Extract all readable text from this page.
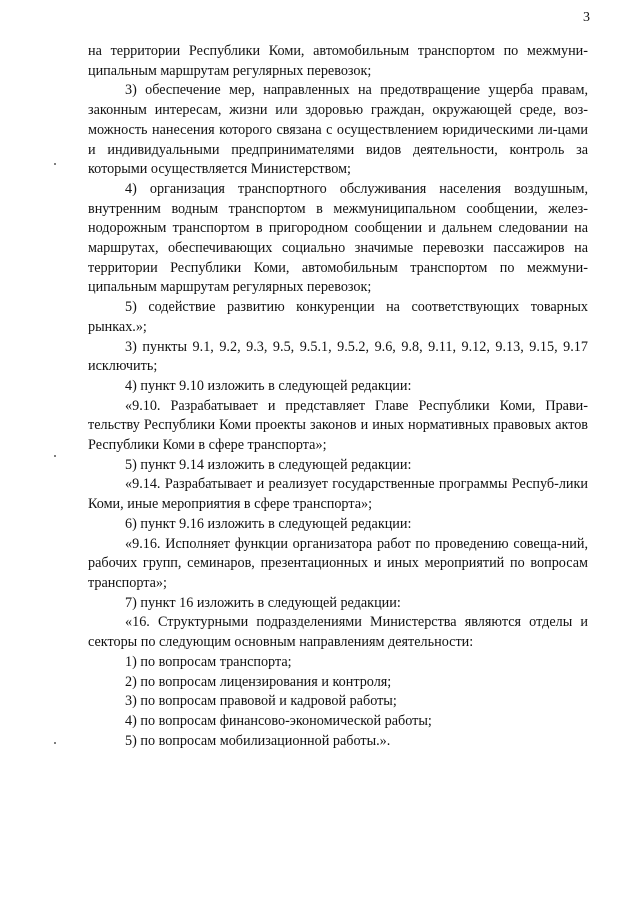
3

на территории Республики Коми, автомобильным транспортом по межмуни-ципальным маршрутам регулярных перевозок;

3) обеспечение мер, направленных на предотвращение ущерба правам, законным интересам, жизни или здоровью граждан, окружающей среде, воз-можность нанесения которого связана с осуществлением юридическими ли-цами и индивидуальными предпринимателями видов деятельности, контроль за которыми осуществляется Министерством;

4) организация транспортного обслуживания населения воздушным, внутренним водным транспортом в межмуниципальном сообщении, желез-нодорожным транспортом в пригородном сообщении и дальнем следовании на маршрутах, обеспечивающих социально значимые перевозки пассажиров на территории Республики Коми, автомобильным транспортом по межмуни-ципальным маршрутам регулярных перевозок;

5) содействие развитию конкуренции на соответствующих товарных рынках.»;

3) пункты 9.1, 9.2, 9.3, 9.5, 9.5.1, 9.5.2, 9.6, 9.8, 9.11, 9.12, 9.13, 9.15, 9.17 исключить;

4) пункт 9.10 изложить в следующей редакции:

«9.10. Разрабатывает и представляет Главе Республики Коми, Прави-тельству Республики Коми проекты законов и иных нормативных правовых актов Республики Коми в сфере транспорта»;

5) пункт 9.14 изложить в следующей редакции:

«9.14. Разрабатывает и реализует государственные программы Респуб-лики Коми, иные мероприятия в сфере транспорта»;

6) пункт 9.16 изложить в следующей редакции:

«9.16. Исполняет функции организатора работ по проведению совеща-ний, рабочих групп, семинаров, презентационных и иных мероприятий по вопросам транспорта»;

7) пункт 16 изложить в следующей редакции:

«16. Структурными подразделениями Министерства являются отделы и секторы по следующим основным направлениям деятельности:

1) по вопросам транспорта;

2) по вопросам лицензирования и контроля;

3) по вопросам правовой и кадровой работы;

4) по вопросам финансово-экономической работы;

5) по вопросам мобилизационной работы.».
